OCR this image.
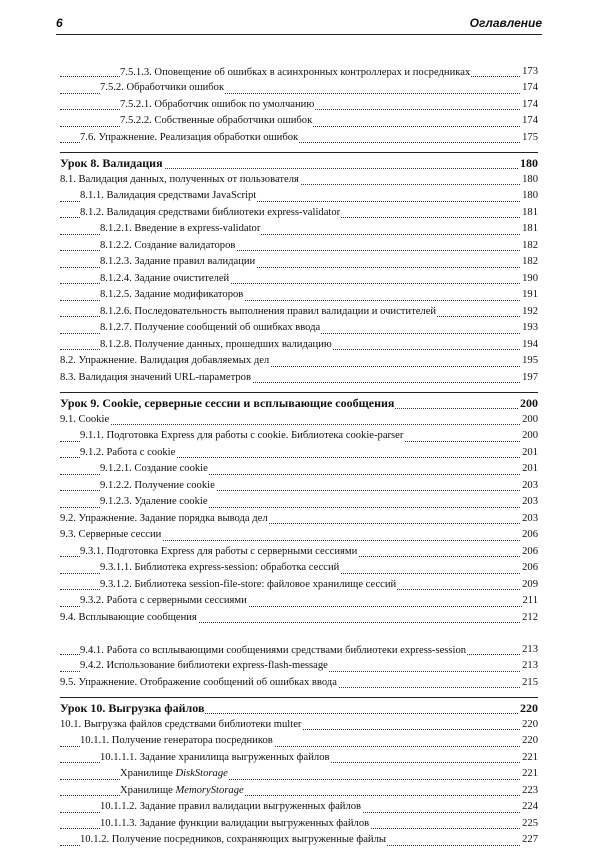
6	Оглавление
7.5.1.3. Оповещение об ошибках в асинхронных контроллерах и посредниках	173
7.5.2. Обработчики ошибок	174
7.5.2.1. Обработчик ошибок по умолчанию	174
7.5.2.2. Собственные обработчики ошибок	174
7.6. Упражнение. Реализация обработки ошибок	175
Урок 8. Валидация	180
8.1. Валидация данных, полученных от пользователя	180
8.1.1. Валидация средствами JavaScript	180
8.1.2. Валидация средствами библиотеки express-validator	181
8.1.2.1. Введение в express-validator	181
8.1.2.2. Создание валидаторов	182
8.1.2.3. Задание правил валидации	182
8.1.2.4. Задание очистителей	190
8.1.2.5. Задание модификаторов	191
8.1.2.6. Последовательность выполнения правил валидации и очистителей	192
8.1.2.7. Получение сообщений об ошибках ввода	193
8.1.2.8. Получение данных, прошедших валидацию	194
8.2. Упражнение. Валидация добавляемых дел	195
8.3. Валидация значений URL-параметров	197
Урок 9. Cookie, серверные сессии и всплывающие сообщения	200
9.1. Cookie	200
9.1.1. Подготовка Express для работы с cookie. Библиотека cookie-parser	200
9.1.2. Работа с cookie	201
9.1.2.1. Создание cookie	201
9.1.2.2. Получение cookie	203
9.1.2.3. Удаление cookie	203
9.2. Упражнение. Задание порядка вывода дел	203
9.3. Серверные сессии	206
9.3.1. Подготовка Express для работы с серверными сессиями	206
9.3.1.1. Библиотека express-session: обработка сессий	206
9.3.1.2. Библиотека session-file-store: файловое хранилище сессий	209
9.3.2. Работа с серверными сессиями	211
9.4. Всплывающие сообщения	212
9.4.1. Работа со всплывающими сообщениями средствами библиотеки express-session	213
9.4.2. Использование библиотеки express-flash-message	213
9.5. Упражнение. Отображение сообщений об ошибках ввода	215
Урок 10. Выгрузка файлов	220
10.1. Выгрузка файлов средствами библиотеки multer	220
10.1.1. Получение генератора посредников	220
10.1.1.1. Задание хранилища выгруженных файлов	221
Хранилище DiskStorage	221
Хранилище MemoryStorage	223
10.1.1.2. Задание правил валидации выгруженных файлов	224
10.1.1.3. Задание функции валидации выгруженных файлов	225
10.1.2. Получение посредников, сохраняющих выгруженные файлы	227
